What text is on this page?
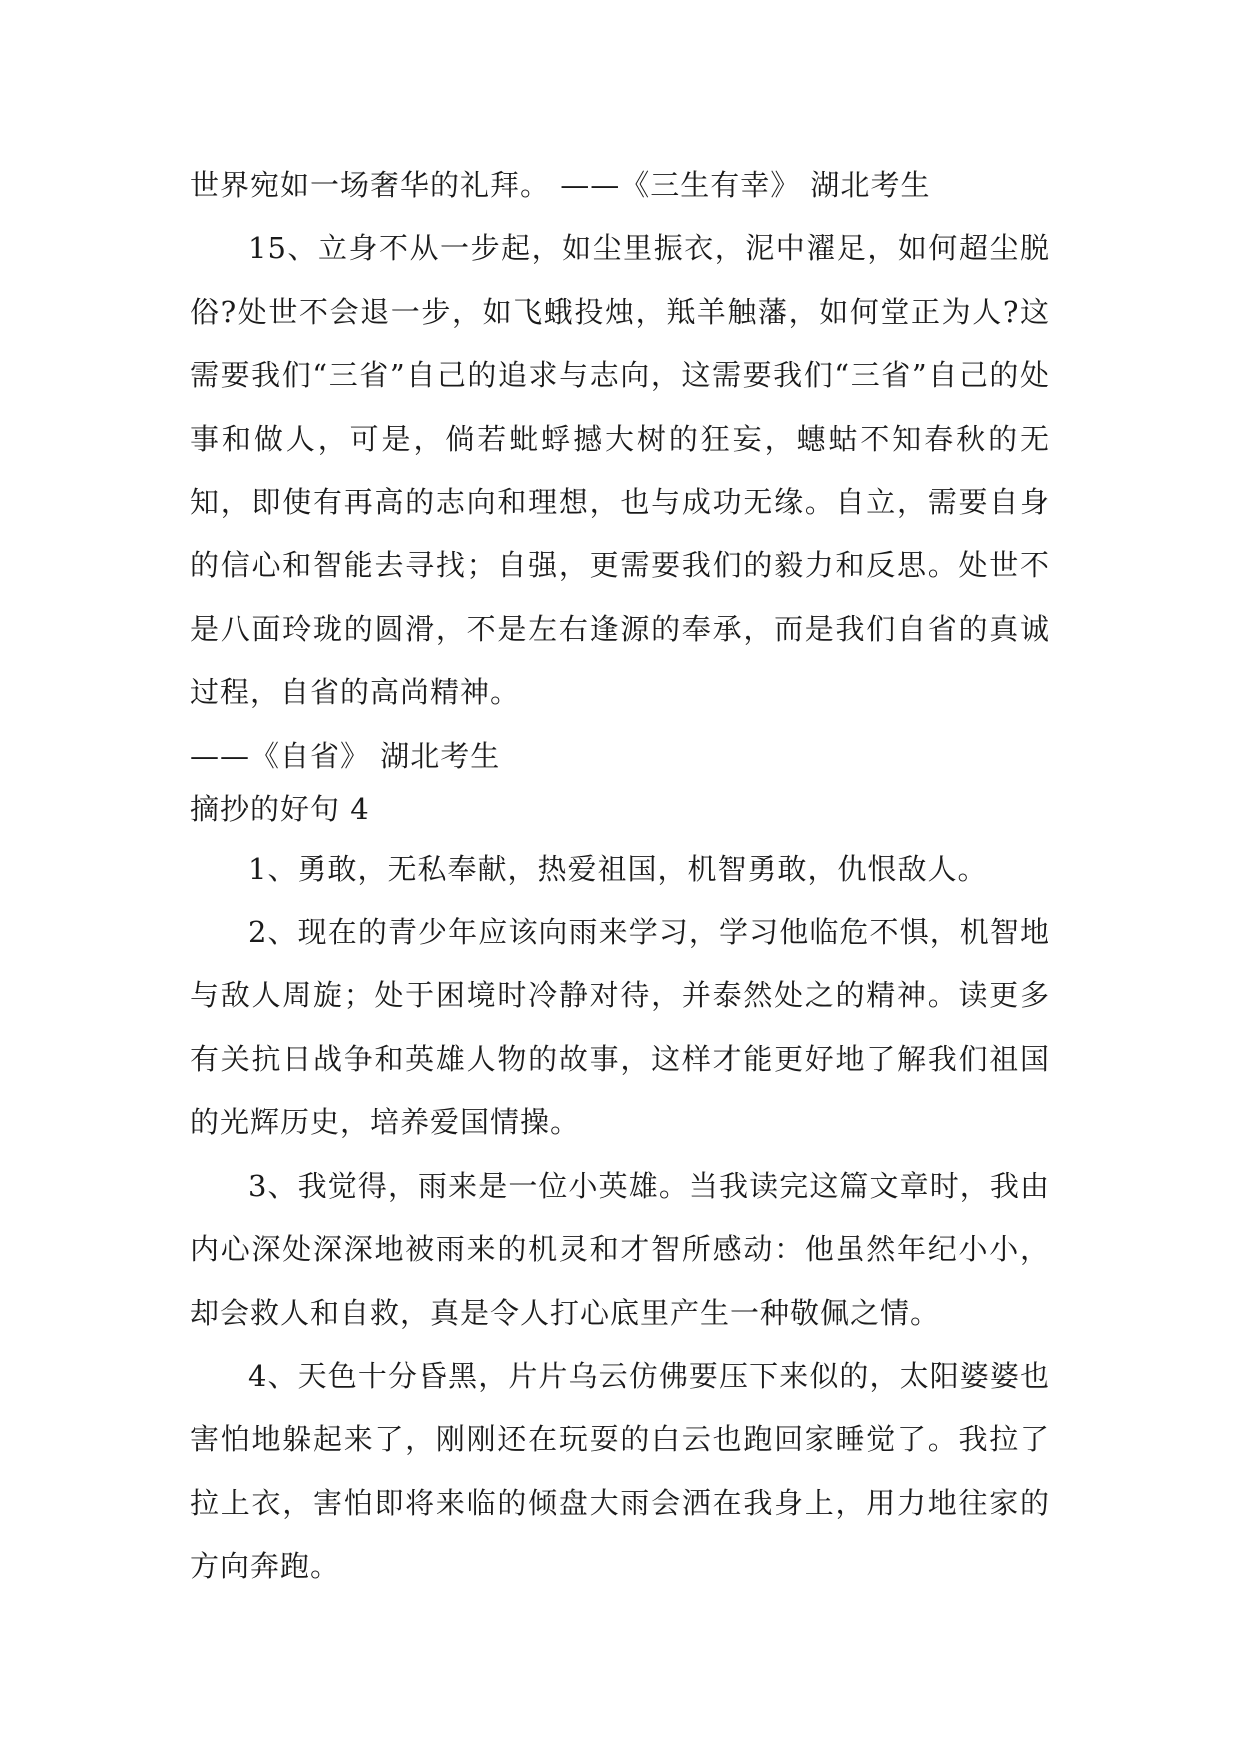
世界宛如一场奢华的礼拜。 ——《三生有幸》 湖北考生

15、立身不从一步起，如尘里振衣，泥中濯足，如何超尘脱俗?处世不会退一步，如飞蛾投烛，羝羊触藩，如何堂正为人?这需要我们“三省”自己的追求与志向，这需要我们“三省”自己的处事和做人，可是，倘若蚍蜉撼大树的狂妄，蟪蛄不知春秋的无知，即使有再高的志向和理想，也与成功无缘。自立，需要自身的信心和智能去寻找；自强，更需要我们的毅力和反思。处世不是八面玲珑的圆滑，不是左右逢源的奉承，而是我们自省的真诚过程，自省的高尚精神。

——《自省》 湖北考生

摘抄的好句 4

1、勇敢，无私奉献，热爱祖国，机智勇敢，仇恨敌人。

2、现在的青少年应该向雨来学习，学习他临危不惧，机智地与敌人周旋；处于困境时冷静对待，并泰然处之的精神。读更多有关抗日战争和英雄人物的故事，这样才能更好地了解我们祖国的光辉历史，培养爱国情操。

3、我觉得，雨来是一位小英雄。当我读完这篇文章时，我由内心深处深深地被雨来的机灵和才智所感动：他虽然年纪小小，却会救人和自救，真是令人打心底里产生一种敬佩之情。

4、天色十分昏黑，片片乌云仿佛要压下来似的，太阳婆婆也害怕地躲起来了，刚刚还在玩耍的白云也跑回家睡觉了。我拉了拉上衣，害怕即将来临的倾盘大雨会洒在我身上，用力地往家的方向奔跑。
